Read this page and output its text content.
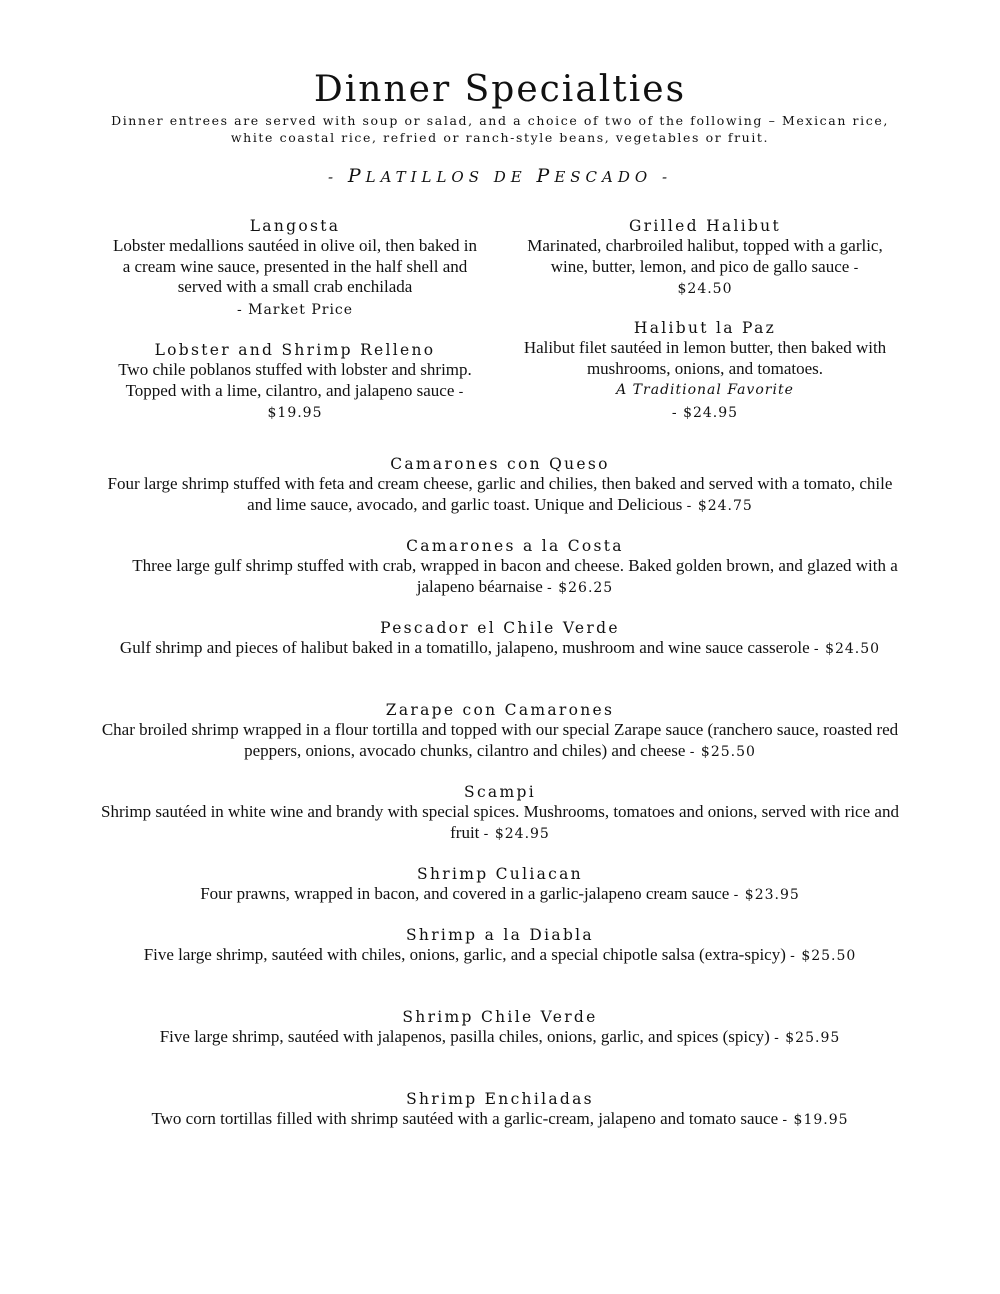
Dinner Specialties

Dinner entrees are served with soup or salad, and a choice of two of the following – Mexican rice, white coastal rice, refried or ranch-style beans, vegetables or fruit.

- PLATILLOS DE PESCADO -

Langosta

Lobster medallions sautéed in olive oil, then baked in a cream wine sauce, presented in the half shell and served with a small crab enchilada

- Market Price

Lobster and Shrimp Relleno

Two chile poblanos stuffed with lobster and shrimp. Topped with a lime, cilantro, and jalapeno sauce - $19.95

Grilled Halibut

Marinated, charbroiled halibut, topped with a garlic, wine, butter, lemon, and pico de gallo sauce - $24.50

Halibut la Paz

Halibut filet sautéed in lemon butter, then baked with mushrooms, onions, and tomatoes.

A Traditional Favorite

- $24.95

Camarones con Queso

Four large shrimp stuffed with feta and cream cheese, garlic and chilies, then baked and served with a tomato, chile and lime sauce, avocado, and garlic toast. Unique and Delicious - $24.75

Camarones a la Costa

Three large gulf shrimp stuffed with crab, wrapped in bacon and cheese. Baked golden brown, and glazed with a jalapeno béarnaise - $26.25

Pescador el Chile Verde

Gulf shrimp and pieces of halibut baked in a tomatillo, jalapeno, mushroom and wine sauce casserole - $24.50

Zarape con Camarones

Char broiled shrimp wrapped in a flour tortilla and topped with our special Zarape sauce (ranchero sauce, roasted red peppers, onions, avocado chunks, cilantro and chiles) and cheese - $25.50

Scampi

Shrimp sautéed in white wine and brandy with special spices. Mushrooms, tomatoes and onions, served with rice and fruit - $24.95

Shrimp Culiacan

Four prawns, wrapped in bacon, and covered in a garlic-jalapeno cream sauce - $23.95

Shrimp a la Diabla

Five large shrimp, sautéed with chiles, onions, garlic, and a special chipotle salsa (extra-spicy) - $25.50

Shrimp Chile Verde

Five large shrimp, sautéed with jalapenos, pasilla chiles, onions, garlic, and spices (spicy) - $25.95

Shrimp Enchiladas

Two corn tortillas filled with shrimp sautéed with a garlic-cream, jalapeno and tomato sauce - $19.95
